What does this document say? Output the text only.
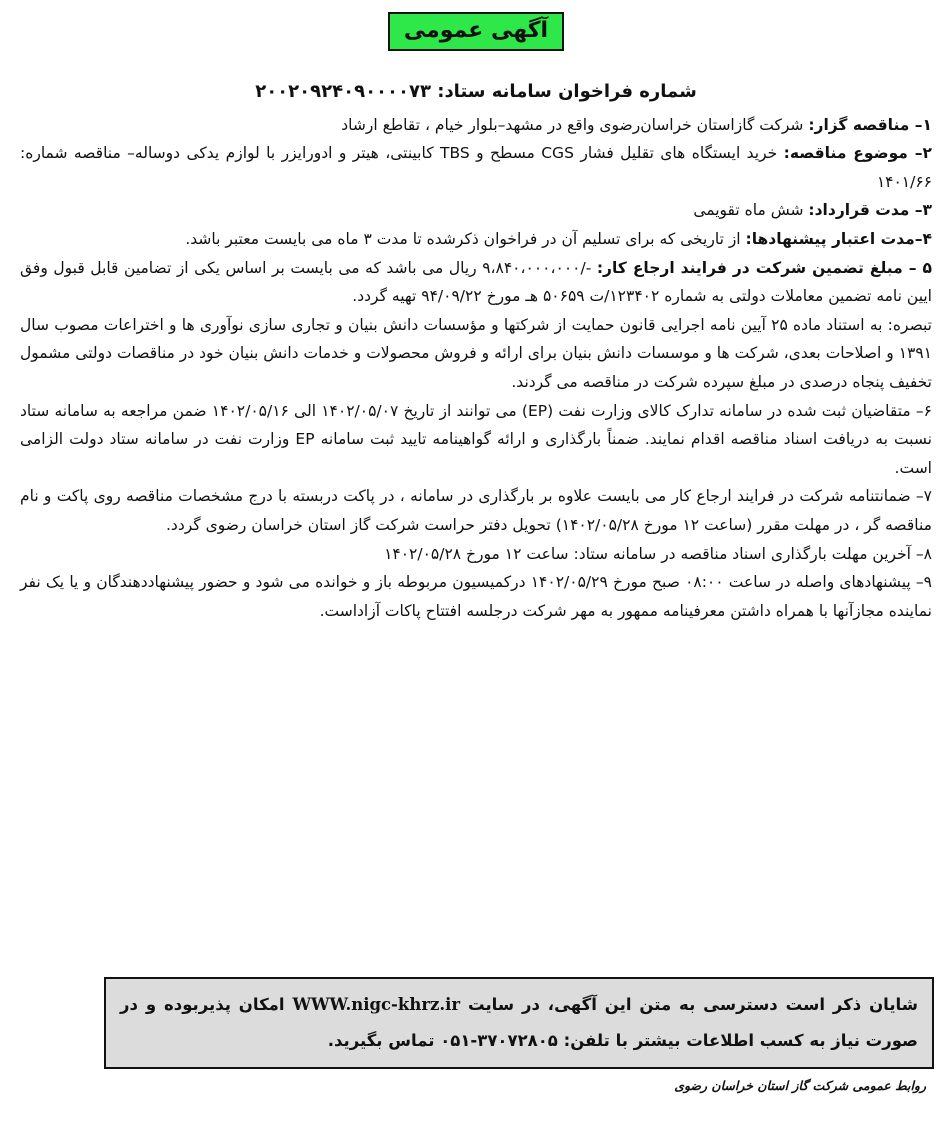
آگهی عمومی

شماره فراخوان سامانه ستاد: ۲۰۰۲۰۹۲۴۰۹۰۰۰۰۷۳

۱– مناقصه گزار: شرکت گازاستان خراسان‌رضوی واقع در مشهد–بلوار خیام ، تقاطع ارشاد

۲– موضوع مناقصه: خرید ایستگاه های تقلیل فشار CGS مسطح و TBS کابینتی، هیتر و ادورایزر با لوازم یدکی دوساله– مناقصه شماره: ۱۴۰۱/۶۶

۳– مدت قرارداد: شش ماه تقویمی

۴–مدت اعتبار پیشنهادها: از تاریخی که برای تسلیم آن در فراخوان ذکرشده تا مدت ۳ ماه می بایست معتبر باشد.

۵ – مبلغ تضمین شرکت در فرایند ارجاع کار: -/۹،۸۴۰،۰۰۰،۰۰۰ ریال می باشد که می بایست بر اساس یکی از تضامین قابل قبول وفق ایین نامه تضمین معاملات دولتی به شماره ۱۲۳۴۰۲/ت ۵۰۶۵۹ هـ مورخ ۹۴/۰۹/۲۲ تهیه گردد.

تبصره: به استناد ماده ۲۵ آیین نامه اجرایی قانون حمایت از شرکتها و مؤسسات دانش بنیان و تجاری سازی نوآوری ها و اختراعات مصوب سال ۱۳۹۱ و اصلاحات بعدی، شرکت ها و موسسات دانش بنیان برای ارائه و فروش محصولات و خدمات دانش بنیان خود در مناقصات دولتی مشمول تخفیف پنجاه درصدی در مبلغ سپرده شرکت در مناقصه می گردند.

۶– متقاضیان ثبت شده در سامانه تدارک کالای وزارت نفت (EP) می توانند از تاریخ ۱۴۰۲/۰۵/۰۷ الی ۱۴۰۲/۰۵/۱۶ ضمن مراجعه به سامانه ستاد نسبت به دریافت اسناد مناقصه اقدام نمایند. ضمناً بارگذاری و ارائه گواهینامه تایید ثبت سامانه EP وزارت نفت در سامانه ستاد دولت الزامی است.

۷– ضمانتنامه شرکت در فرایند ارجاع کار می بایست علاوه بر بارگذاری در سامانه ، در پاکت دربسته با درج مشخصات مناقصه روی پاکت و نام مناقصه گر ، در مهلت مقرر (ساعت ۱۲ مورخ ۱۴۰۲/۰۵/۲۸) تحویل دفتر حراست شرکت گاز استان خراسان رضوی گردد.

۸– آخرین مهلت بارگذاری اسناد مناقصه در سامانه ستاد: ساعت ۱۲ مورخ ۱۴۰۲/۰۵/۲۸

۹– پیشنهادهای واصله در ساعت ۰۸:۰۰ صبح مورخ ۱۴۰۲/۰۵/۲۹ درکمیسیون مربوطه باز و خوانده می شود و حضور پیشنهاددهندگان و یا یک نفر نماینده مجازآنها با همراه داشتن معرفینامه ممهور به مهر شرکت درجلسه افتتاح پاکات آزاداست.

شایان ذکر است دسترسی به متن این آگهی، در سایت WWW.nigc-khrz.ir امکان پذیربوده و در صورت نیاز به کسب اطلاعات بیشتر با تلفن: ۳۷۰۷۲۸۰۵-۰۵۱ تماس بگیرید.
روابط عمومی شرکت گاز استان خراسان رضوی
